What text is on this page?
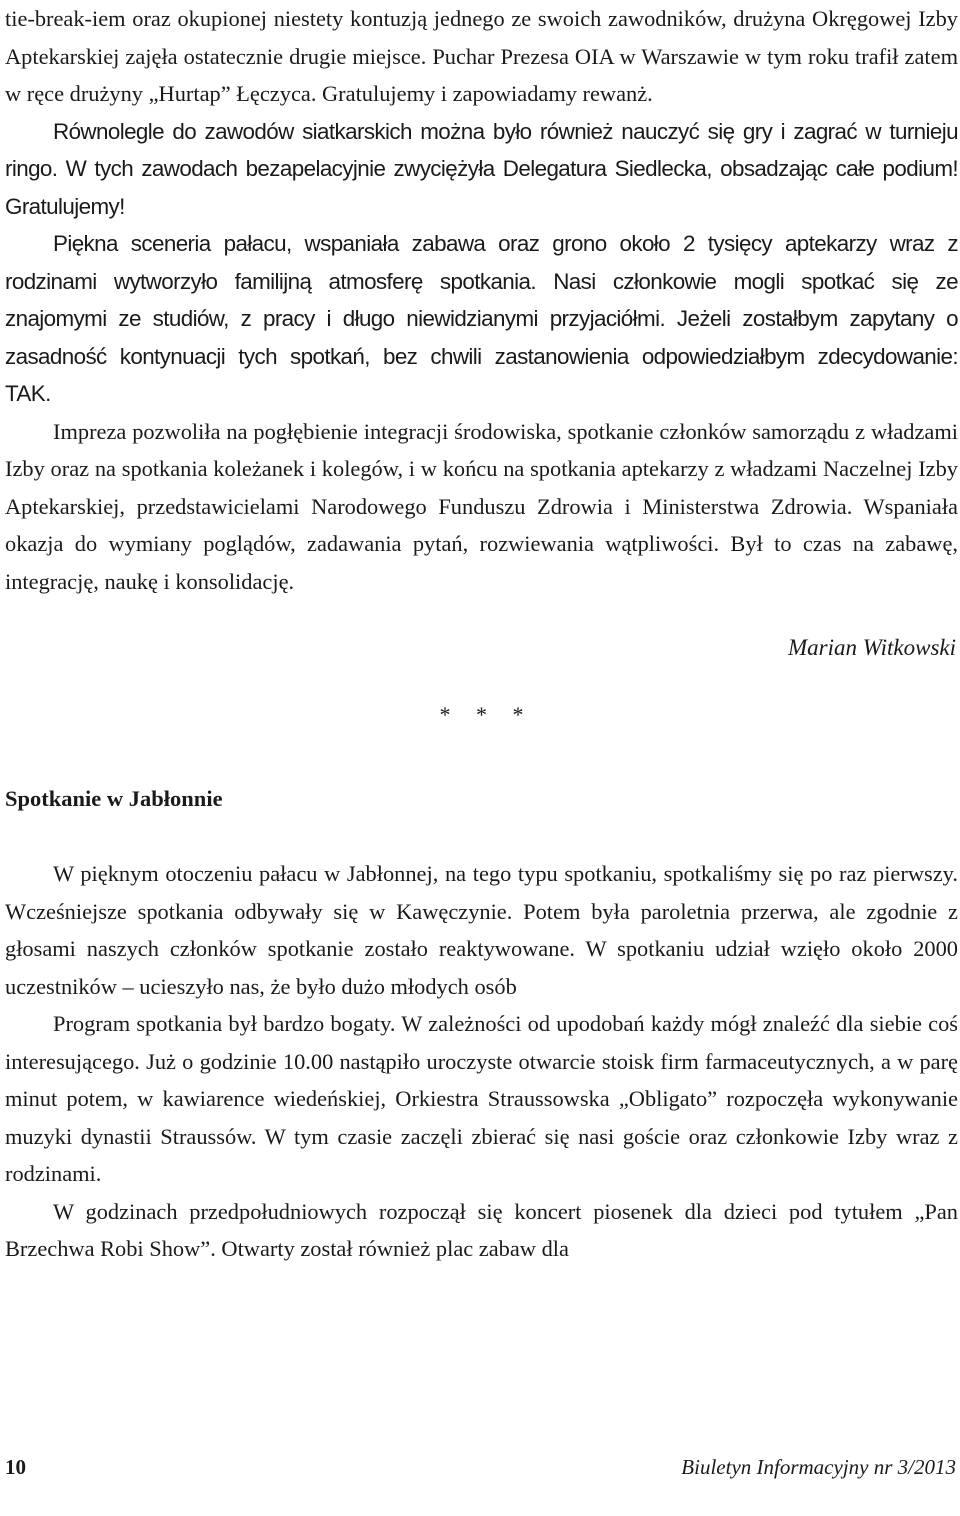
tie-break-iem oraz okupionej niestety kontuzją jednego ze swoich zawodników, drużyna Okręgowej Izby Aptekarskiej zajęła ostatecznie drugie miejsce. Puchar Prezesa OIA w Warszawie w tym roku trafił zatem w ręce drużyny „Hurtap” Łęczyca. Gratulujemy i zapowiadamy rewanż.

Równolegle do zawodów siatkarskich można było również nauczyć się gry i zagrać w turnieju ringo. W tych zawodach bezapelacyjnie zwyciężyła Delegatura Siedlecka, obsadzając całe podium! Gratulujemy!

Piękna sceneria pałacu, wspaniała zabawa oraz grono około 2 tysięcy aptekarzy wraz z rodzinami wytworzyło familijną atmosferę spotkania. Nasi członkowie mogli spotkać się ze znajomymi ze studiów, z pracy i długo niewidzianymi przyjaciółmi. Jeżeli zostałbym zapytany o zasadność kontynuacji tych spotkań, bez chwili zastanowienia odpowiedziałbym zdecydowanie: TAK.

Impreza pozwoliła na pogłębienie integracji środowiska, spotkanie członków samorządu z władzami Izby oraz na spotkania koleżanek i kolegów, i w końcu na spotkania aptekarzy z władzami Naczelnej Izby Aptekarskiej, przedstawicielami Narodowego Funduszu Zdrowia i Ministerstwa Zdrowia. Wspaniała okazja do wymiany poglądów, zadawania pytań, rozwiewania wątpliwości. Był to czas na zabawę, integrację, naukę i konsolidację.

Marian Witkowski

* * *

Spotkanie w Jabłonnie

W pięknym otoczeniu pałacu w Jabłonnej, na tego typu spotkaniu, spotkaliśmy się po raz pierwszy. Wcześniejsze spotkania odbywały się w Kawęczynie. Potem była paroletnia przerwa, ale zgodnie z głosami naszych członków spotkanie zostało reaktywowane. W spotkaniu udział wzięło około 2000 uczestników – ucieszyło nas, że było dużo młodych osób

Program spotkania był bardzo bogaty. W zależności od upodobań każdy mógł znaleźć dla siebie coś interesującego. Już o godzinie 10.00 nastąpiło uroczyste otwarcie stoisk firm farmaceutycznych, a w parę minut potem, w kawiarence wiedeńskiej, Orkiestra Straussowska „Obligato” rozpoczęła wykonywanie muzyki dynastii Straussów. W tym czasie zaczęli zbierać się nasi goście oraz członkowie Izby wraz z rodzinami.

W godzinach przedpołudniowych rozpoczął się koncert piosenek dla dzieci pod tytułem „Pan Brzechwa Robi Show”. Otwarty został również plac zabaw dla

10	Biuletyn Informacyjny nr 3/2013
